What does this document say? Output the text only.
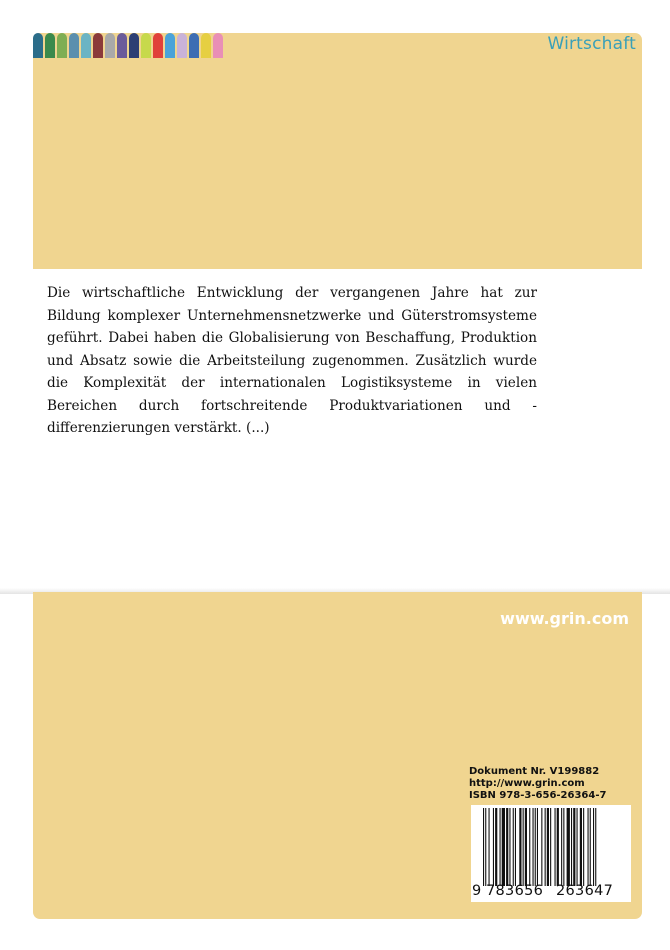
Wirtschaft
Die wirtschaftliche Entwicklung der vergangenen Jahre hat zur Bildung komplexer Unternehmensnetzwerke und Güterstromsysteme geführt. Dabei haben die Globalisierung von Beschaffung, Produktion und Absatz sowie die Arbeitsteilung zugenommen. Zusätzlich wurde die Komplexität der internationalen Logistiksysteme in vielen Bereichen durch fortschreitende Produktvariationen und -differenzierungen verstärkt. (...)
www.grin.com
Dokument Nr. V199882
http://www.grin.com
ISBN 978-3-656-26364-7
9 783656 263647
